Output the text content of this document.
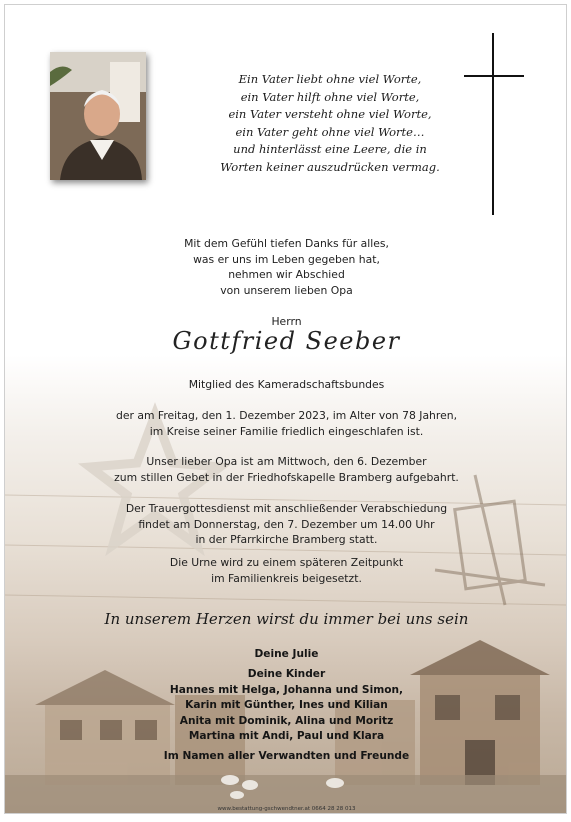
Ein Vater liebt ohne viel Worte,
ein Vater hilft ohne viel Worte,
ein Vater versteht ohne viel Worte,
ein Vater geht ohne viel Worte…
und hinterlässt eine Leere, die in
Worten keiner auszudrücken vermag.
Mit dem Gefühl tiefen Danks für alles,
was er uns im Leben gegeben hat,
nehmen wir Abschied
von unserem lieben Opa
Herrn
Gottfried Seeber
Mitglied des Kameradschaftsbundes
der am Freitag, den 1. Dezember 2023, im Alter von 78 Jahren,
im Kreise seiner Familie friedlich eingeschlafen ist.
Unser lieber Opa ist am Mittwoch, den 6. Dezember
zum stillen Gebet in der Friedhofskapelle Bramberg aufgebahrt.
Der Trauergottesdienst mit anschließender Verabschiedung
findet am Donnerstag, den 7. Dezember um 14.00 Uhr
in der Pfarrkirche Bramberg statt.
Die Urne wird zu einem späteren Zeitpunkt
im Familienkreis beigesetzt.
In unserem Herzen wirst du immer bei uns sein
Deine Julie
Deine Kinder
Hannes mit Helga, Johanna und Simon,
Karin mit Günther, Ines und Kilian
Anita mit Dominik, Alina und Moritz
Martina mit Andi, Paul und Klara
Im Namen aller Verwandten und Freunde
www.bestattung-gschwendtner.at 0664 28 28 013
